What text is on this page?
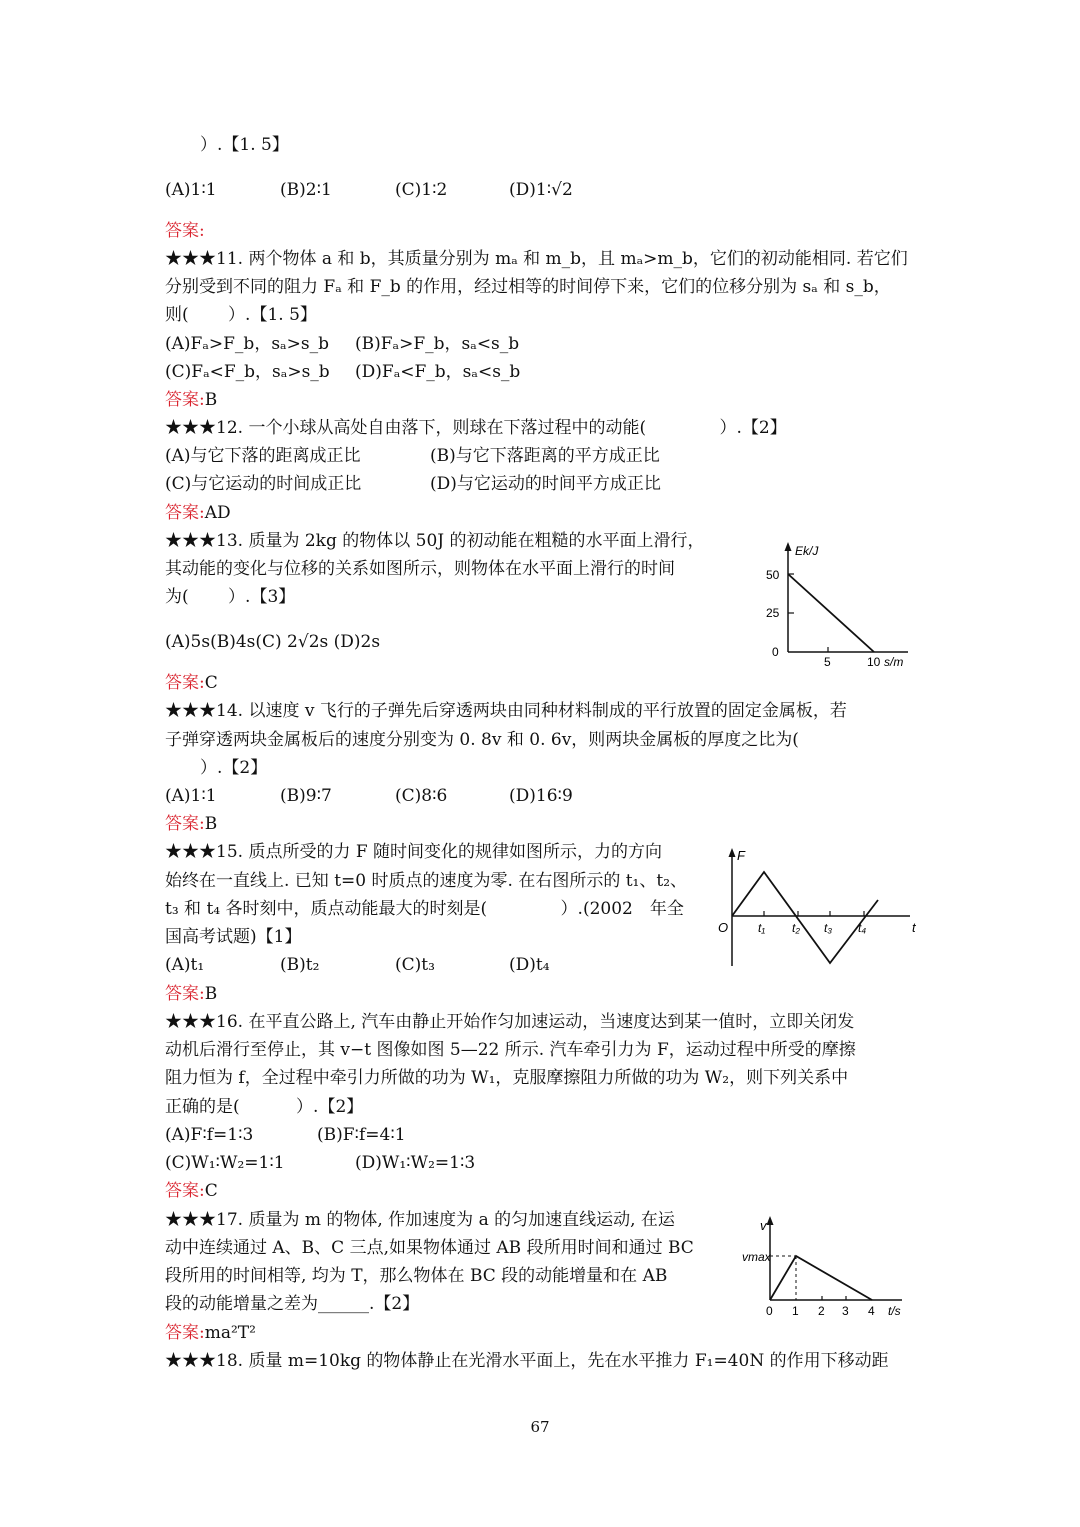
）.【1. 5】
(A)1∶1	(B)2∶1	(C)1∶2	(D)1∶√2
答案:
★★★11. 两个物体 a 和 b，其质量分别为 mₐ 和 m_b，且 mₐ>m_b，它们的初动能相同. 若它们
分别受到不同的阻力 Fₐ 和 F_b 的作用，经过相等的时间停下来，它们的位移分别为 sₐ 和 s_b，
则(　　 ）.【1. 5】
(A)Fₐ>F_b，sₐ>s_b (B)Fₐ>F_b，sₐ<s_b
(C)Fₐ<F_b，sₐ>s_b (D)Fₐ<F_b，sₐ<s_b
答案:B
★★★12. 一个小球从高处自由落下，则球在下落过程中的动能(　　　　 ）.【2】
(A)与它下落的距离成正比	(B)与它下落距离的平方成正比
(C)与它运动的时间成正比	(D)与它运动的时间平方成正比
答案:AD
★★★13. 质量为 2kg 的物体以 50J 的初动能在粗糙的水平面上滑行，
其动能的变化与位移的关系如图所示，则物体在水平面上滑行的时间
为(　　 ）.【3】
(A)5s(B)4s(C) 2√2s (D)2s
答案:C
Ek/J
50
25
0
5	10 s/m
★★★14. 以速度 v 飞行的子弹先后穿透两块由同种材料制成的平行放置的固定金属板，若
子弹穿透两块金属板后的速度分别变为 0. 8v 和 0. 6v，则两块金属板的厚度之比为(
）.【2】
(A)1∶1	(B)9∶7	(C)8∶6	(D)16∶9
答案:B
★★★15. 质点所受的力 F 随时间变化的规律如图所示，力的方向
始终在一直线上. 已知 t=0 时质点的速度为零. 在右图所示的 t₁、t₂、
t₃ 和 t₄ 各时刻中，质点动能最大的时刻是(　　　　 ）.(2002　年全
国高考试题)【1】
(A)t₁	(B)t₂	(C)t₃	(D)t₄
答案:B
F
O t₁ t₂ t₃ t₄	t
★★★16. 在平直公路上, 汽车由静止开始作匀加速运动，当速度达到某一值时，立即关闭发
动机后滑行至停止，其 v−t 图像如图 5—22 所示. 汽车牵引力为 F，运动过程中所受的摩擦
阻力恒为 f，全过程中牵引力所做的功为 W₁，克服摩擦阻力所做的功为 W₂，则下列关系中
正确的是(　　　 ）.【2】
(A)F∶f=1∶3	(B)F∶f=4∶1
(C)W₁∶W₂=1∶1	(D)W₁∶W₂=1∶3
答案:C
★★★17. 质量为 m 的物体, 作加速度为 a 的匀加速直线运动, 在运
动中连续通过 A、B、C 三点,如果物体通过 AB 段所用时间和通过 BC
段所用的时间相等, 均为 T，那么物体在 BC 段的动能增量和在 AB
段的动能增量之差为______.【2】
答案:ma²T²
v
vmax
0 1 2 3 4 t/s
★★★18. 质量 m=10kg 的物体静止在光滑水平面上，先在水平推力 F₁=40N 的作用下移动距
67
